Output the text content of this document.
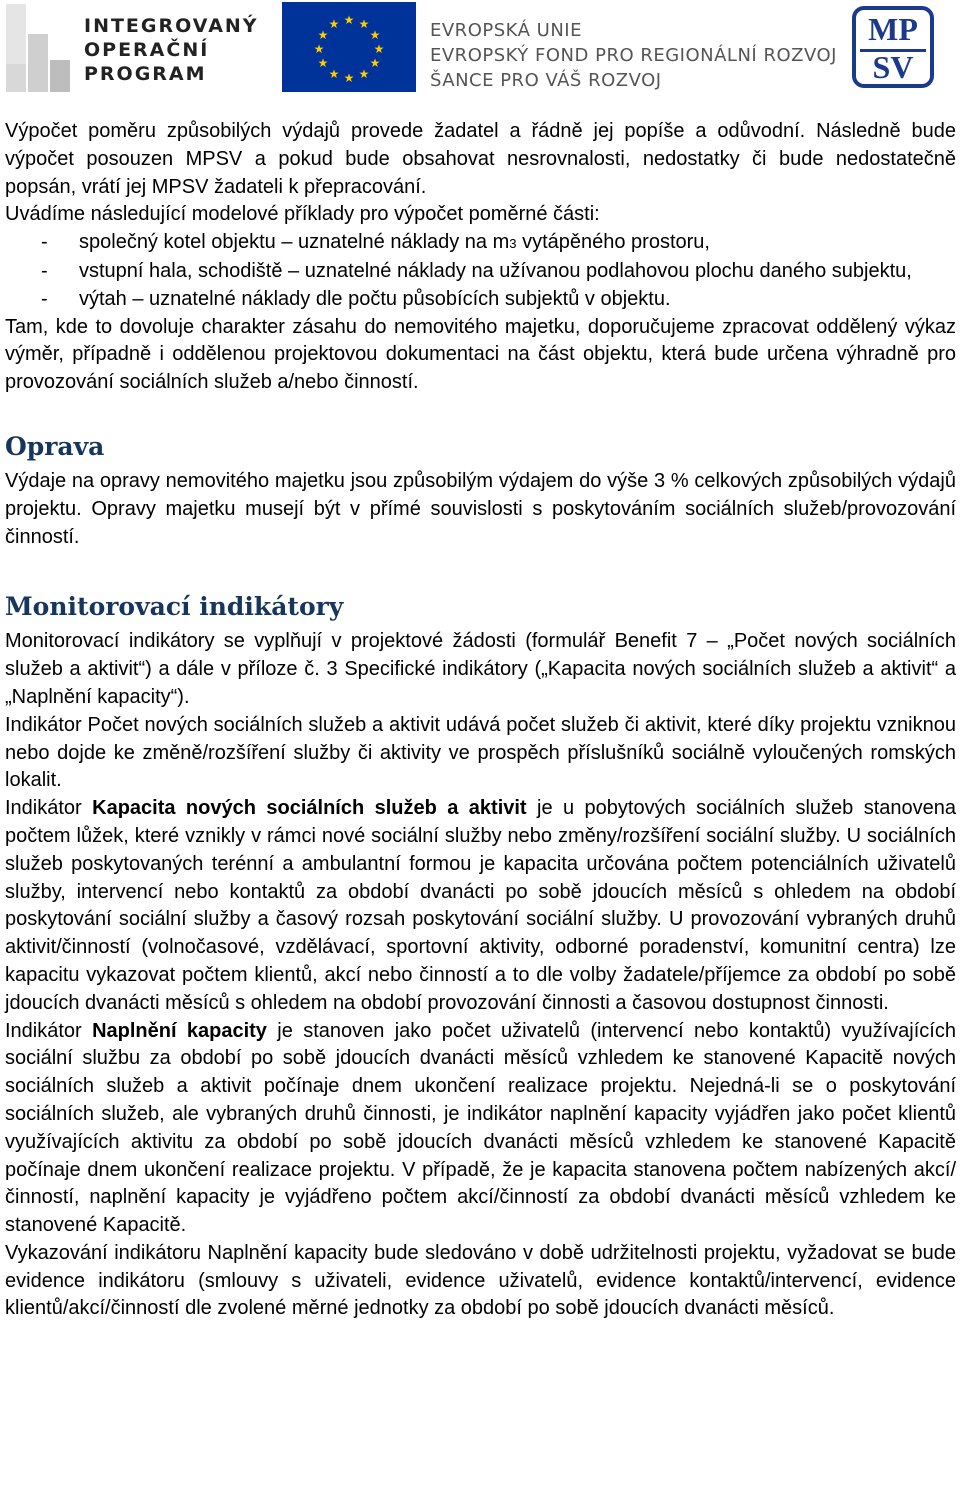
INTEGROVANÝ
OPERAČNÍ
PROGRAM
★ ★
★
★
★
★
★
★
★
★
★
★	EVROPSKÁ UNIE
EVROPSKÝ FOND PRO REGIONÁLNÍ ROZVOJ
ŠANCE PRO VÁŠ ROZVOJ
MP
SV

Výpočet poměru způsobilých výdajů provede žadatel a řádně jej popíše a odůvodní. Následně bude výpočet posouzen MPSV a pokud bude obsahovat nesrovnalosti, nedostatky či bude nedostatečně popsán, vrátí jej MPSV žadateli k přepracování.

Uvádíme následující modelové příklady pro výpočet poměrné části:

- společný kotel objektu – uznatelné náklady na m3 vytápěného prostoru,
- vstupní hala, schodiště – uznatelné náklady na užívanou podlahovou plochu daného subjektu,
- výtah – uznatelné náklady dle počtu působících subjektů v objektu.

Tam, kde to dovoluje charakter zásahu do nemovitého majetku, doporučujeme zpracovat oddělený výkaz výměr, případně i oddělenou projektovou dokumentaci na část objektu, která bude určena výhradně pro provozování sociálních služeb a/nebo činností.

Oprava

Výdaje na opravy nemovitého majetku jsou způsobilým výdajem do výše 3 % celkových způsobilých výdajů projektu. Opravy majetku musejí být v přímé souvislosti s poskytováním sociálních služeb/provozování činností.

Monitorovací indikátory

Monitorovací indikátory se vyplňují v projektové žádosti (formulář Benefit 7 – „Počet nových sociálních služeb a aktivit“) a dále v příloze č. 3 Specifické indikátory („Kapacita nových sociálních služeb a aktivit“ a „Naplnění kapacity“).

Indikátor Počet nových sociálních služeb a aktivit udává počet služeb či aktivit, které díky projektu vzniknou nebo dojde ke změně/rozšíření služby či aktivity ve prospěch příslušníků sociálně vyloučených romských lokalit.

Indikátor Kapacita nových sociálních služeb a aktivit je u pobytových sociálních služeb stanovena počtem lůžek, které vznikly v rámci nové sociální služby nebo změny/rozšíření sociální služby. U sociálních služeb poskytovaných terénní a ambulantní formou je kapacita určována počtem potenciálních uživatelů služby, intervencí nebo kontaktů za období dvanácti po sobě jdoucích měsíců s ohledem na období poskytování sociální služby a časový rozsah poskytování sociální služby. U provozování vybraných druhů aktivit/činností (volnočasové, vzdělávací, sportovní aktivity, odborné poradenství, komunitní centra) lze kapacitu vykazovat počtem klientů, akcí nebo činností a to dle volby žadatele/příjemce za období po sobě jdoucích dvanácti měsíců s ohledem na období provozování činnosti a časovou dostupnost činnosti.

Indikátor Naplnění kapacity je stanoven jako počet uživatelů (intervencí nebo kontaktů) využívajících sociální službu za období po sobě jdoucích dvanácti měsíců vzhledem ke stanovené Kapacitě nových sociálních služeb a aktivit počínaje dnem ukončení realizace projektu. Nejedná-li se o poskytování sociálních služeb, ale vybraných druhů činnosti, je indikátor naplnění kapacity vyjádřen jako počet klientů využívajících aktivitu za období po sobě jdoucích dvanácti měsíců vzhledem ke stanovené Kapacitě počínaje dnem ukončení realizace projektu. V případě, že je kapacita stanovena počtem nabízených akcí/činností, naplnění kapacity je vyjádřeno počtem akcí/činností za období dvanácti měsíců vzhledem ke stanovené Kapacitě.

Vykazování indikátoru Naplnění kapacity bude sledováno v době udržitelnosti projektu, vyžadovat se bude evidence indikátoru (smlouvy s uživateli, evidence uživatelů, evidence kontaktů/intervencí, evidence klientů/akcí/činností dle zvolené měrné jednotky za období po sobě jdoucích dvanácti měsíců.
